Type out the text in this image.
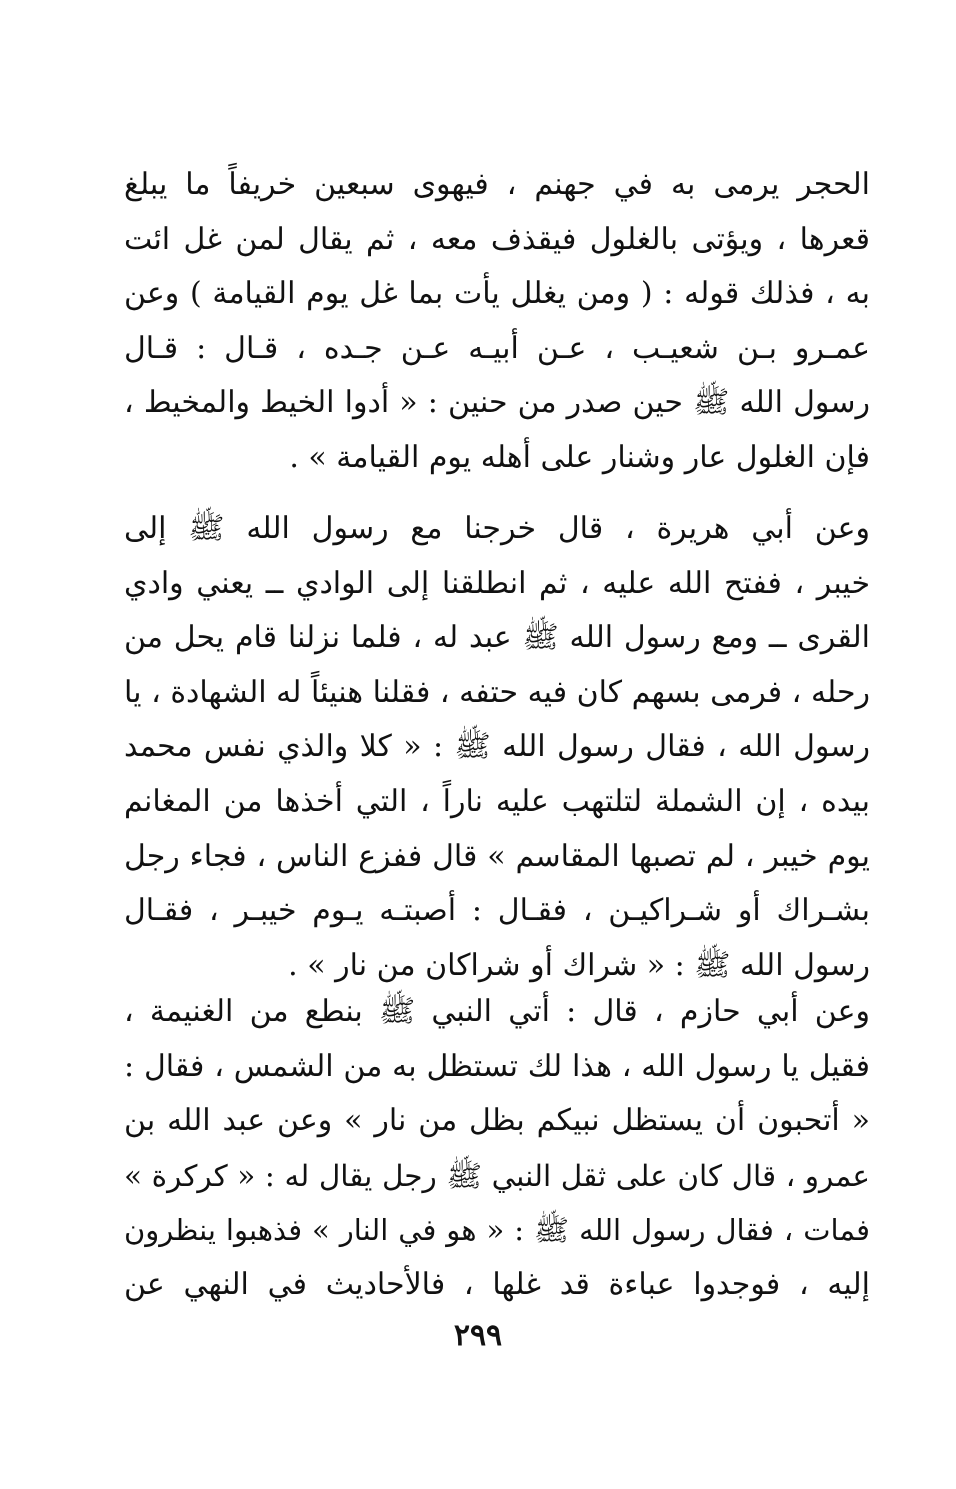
الحجر يرمى به في جهنم ، فيهوى سبعين خريفاً ما يبلغ
قعرها ، ويؤتى بالغلول فيقذف معه ، ثم يقال لمن غل ائت
به ، فذلك قوله : ( ومن يغلل يأت بما غل يوم القيامة ) وعن
عمـرو بـن شعيـب ، عـن أبيـه عـن جـده ، قـال : قـال
رسول الله ﷺ حين صدر من حنين : « أدوا الخيط والمخيط ،
فإن الغلول عار وشنار على أهله يوم القيامة » .
وعن أبي هريرة ، قال خرجنا مع رسول الله ﷺ إلى
خيبر ، ففتح الله عليه ، ثم انطلقنا إلى الوادي ــ يعني وادي
القرى ــ ومع رسول الله ﷺ عبد له ، فلما نزلنا قام يحل من
رحله ، فرمى بسهم كان فيه حتفه ، فقلنا هنيئاً له الشهادة ، يا
رسول الله ، فقال رسول الله ﷺ : « كلا والذي نفس محمد
بيده ، إن الشملة لتلتهب عليه ناراً ، التي أخذها من المغانم
يوم خيبر ، لم تصبها المقاسم » قال ففزع الناس ، فجاء رجل
بشـراك أو شـراكيـن ، فقـال : أصبتـه يـوم خيبـر ، فقـال
رسول الله ﷺ : « شراك أو شراكان من نار » .
وعن أبي حازم ، قال : أتي النبي ﷺ بنطع من الغنيمة ،
فقيل يا رسول الله ، هذا لك تستظل به من الشمس ، فقال :
« أتحبون أن يستظل نبيكم بظل من نار » وعن عبد الله بن
عمرو ، قال كان على ثقل النبي ﷺ رجل يقال له : « كركرة »
فمات ، فقال رسول الله ﷺ : « هو في النار » فذهبوا ينظرون
إليه ، فوجدوا عباءة قد غلها ، فالأحاديث في النهي عن
٢٩٩
